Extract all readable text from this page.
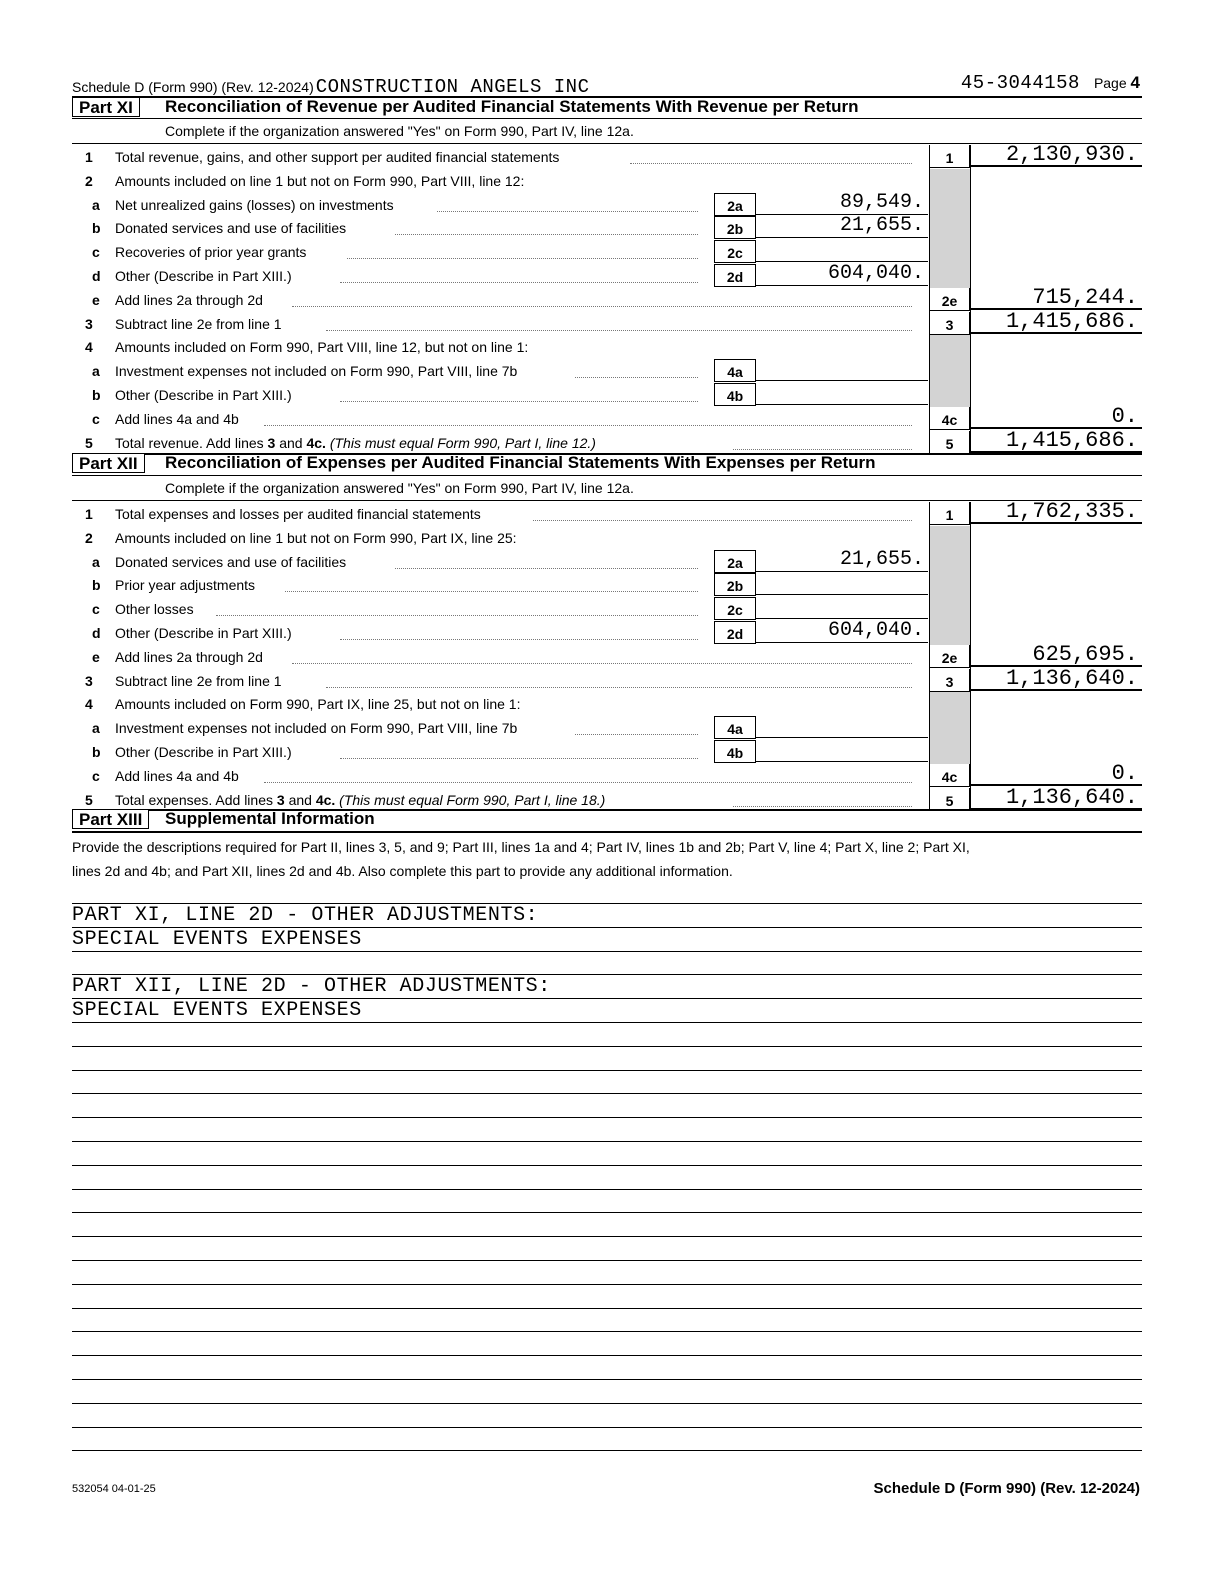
Schedule D (Form 990) (Rev. 12-2024) CONSTRUCTION ANGELS INC	45-3044158 Page 4
Part XI	Reconciliation of Revenue per Audited Financial Statements With Revenue per Return
Complete if the organization answered "Yes" on Form 990, Part IV, line 12a.
1 Total revenue, gains, and other support per audited financial statements	1	2,130,930.
2 Amounts included on line 1 but not on Form 990, Part VIII, line 12:
a Net unrealized gains (losses) on investments	2a	89,549.
b Donated services and use of facilities	2b	21,655.
c Recoveries of prior year grants	2c
d Other (Describe in Part XIII.)	2d	604,040.
e Add lines 2a through 2d	2e	715,244.
3 Subtract line 2e from line 1	3	1,415,686.
4 Amounts included on Form 990, Part VIII, line 12, but not on line 1:
a Investment expenses not included on Form 990, Part VIII, line 7b	4a
b Other (Describe in Part XIII.)	4b
c Add lines 4a and 4b	4c	0.
5 Total revenue. Add lines 3 and 4c. (This must equal Form 990, Part I, line 12.)	5	1,415,686.
Part XII	Reconciliation of Expenses per Audited Financial Statements With Expenses per Return
Complete if the organization answered "Yes" on Form 990, Part IV, line 12a.
1 Total expenses and losses per audited financial statements	1	1,762,335.
2 Amounts included on line 1 but not on Form 990, Part IX, line 25:
a Donated services and use of facilities	2a	21,655.
b Prior year adjustments	2b
c Other losses	2c
d Other (Describe in Part XIII.)	2d	604,040.
e Add lines 2a through 2d	2e	625,695.
3 Subtract line 2e from line 1	3	1,136,640.
4 Amounts included on Form 990, Part IX, line 25, but not on line 1:
a Investment expenses not included on Form 990, Part VIII, line 7b	4a
b Other (Describe in Part XIII.)	4b
c Add lines 4a and 4b	4c	0.
5 Total expenses. Add lines 3 and 4c. (This must equal Form 990, Part I, line 18.)	5	1,136,640.
Part XIII	Supplemental Information
Provide the descriptions required for Part II, lines 3, 5, and 9; Part III, lines 1a and 4; Part IV, lines 1b and 2b; Part V, line 4; Part X, line 2; Part XI,
lines 2d and 4b; and Part XII, lines 2d and 4b. Also complete this part to provide any additional information.
PART XI, LINE 2D - OTHER ADJUSTMENTS:
SPECIAL EVENTS EXPENSES
PART XII, LINE 2D - OTHER ADJUSTMENTS:
SPECIAL EVENTS EXPENSES
532054 04-01-25	Schedule D (Form 990) (Rev. 12-2024)
